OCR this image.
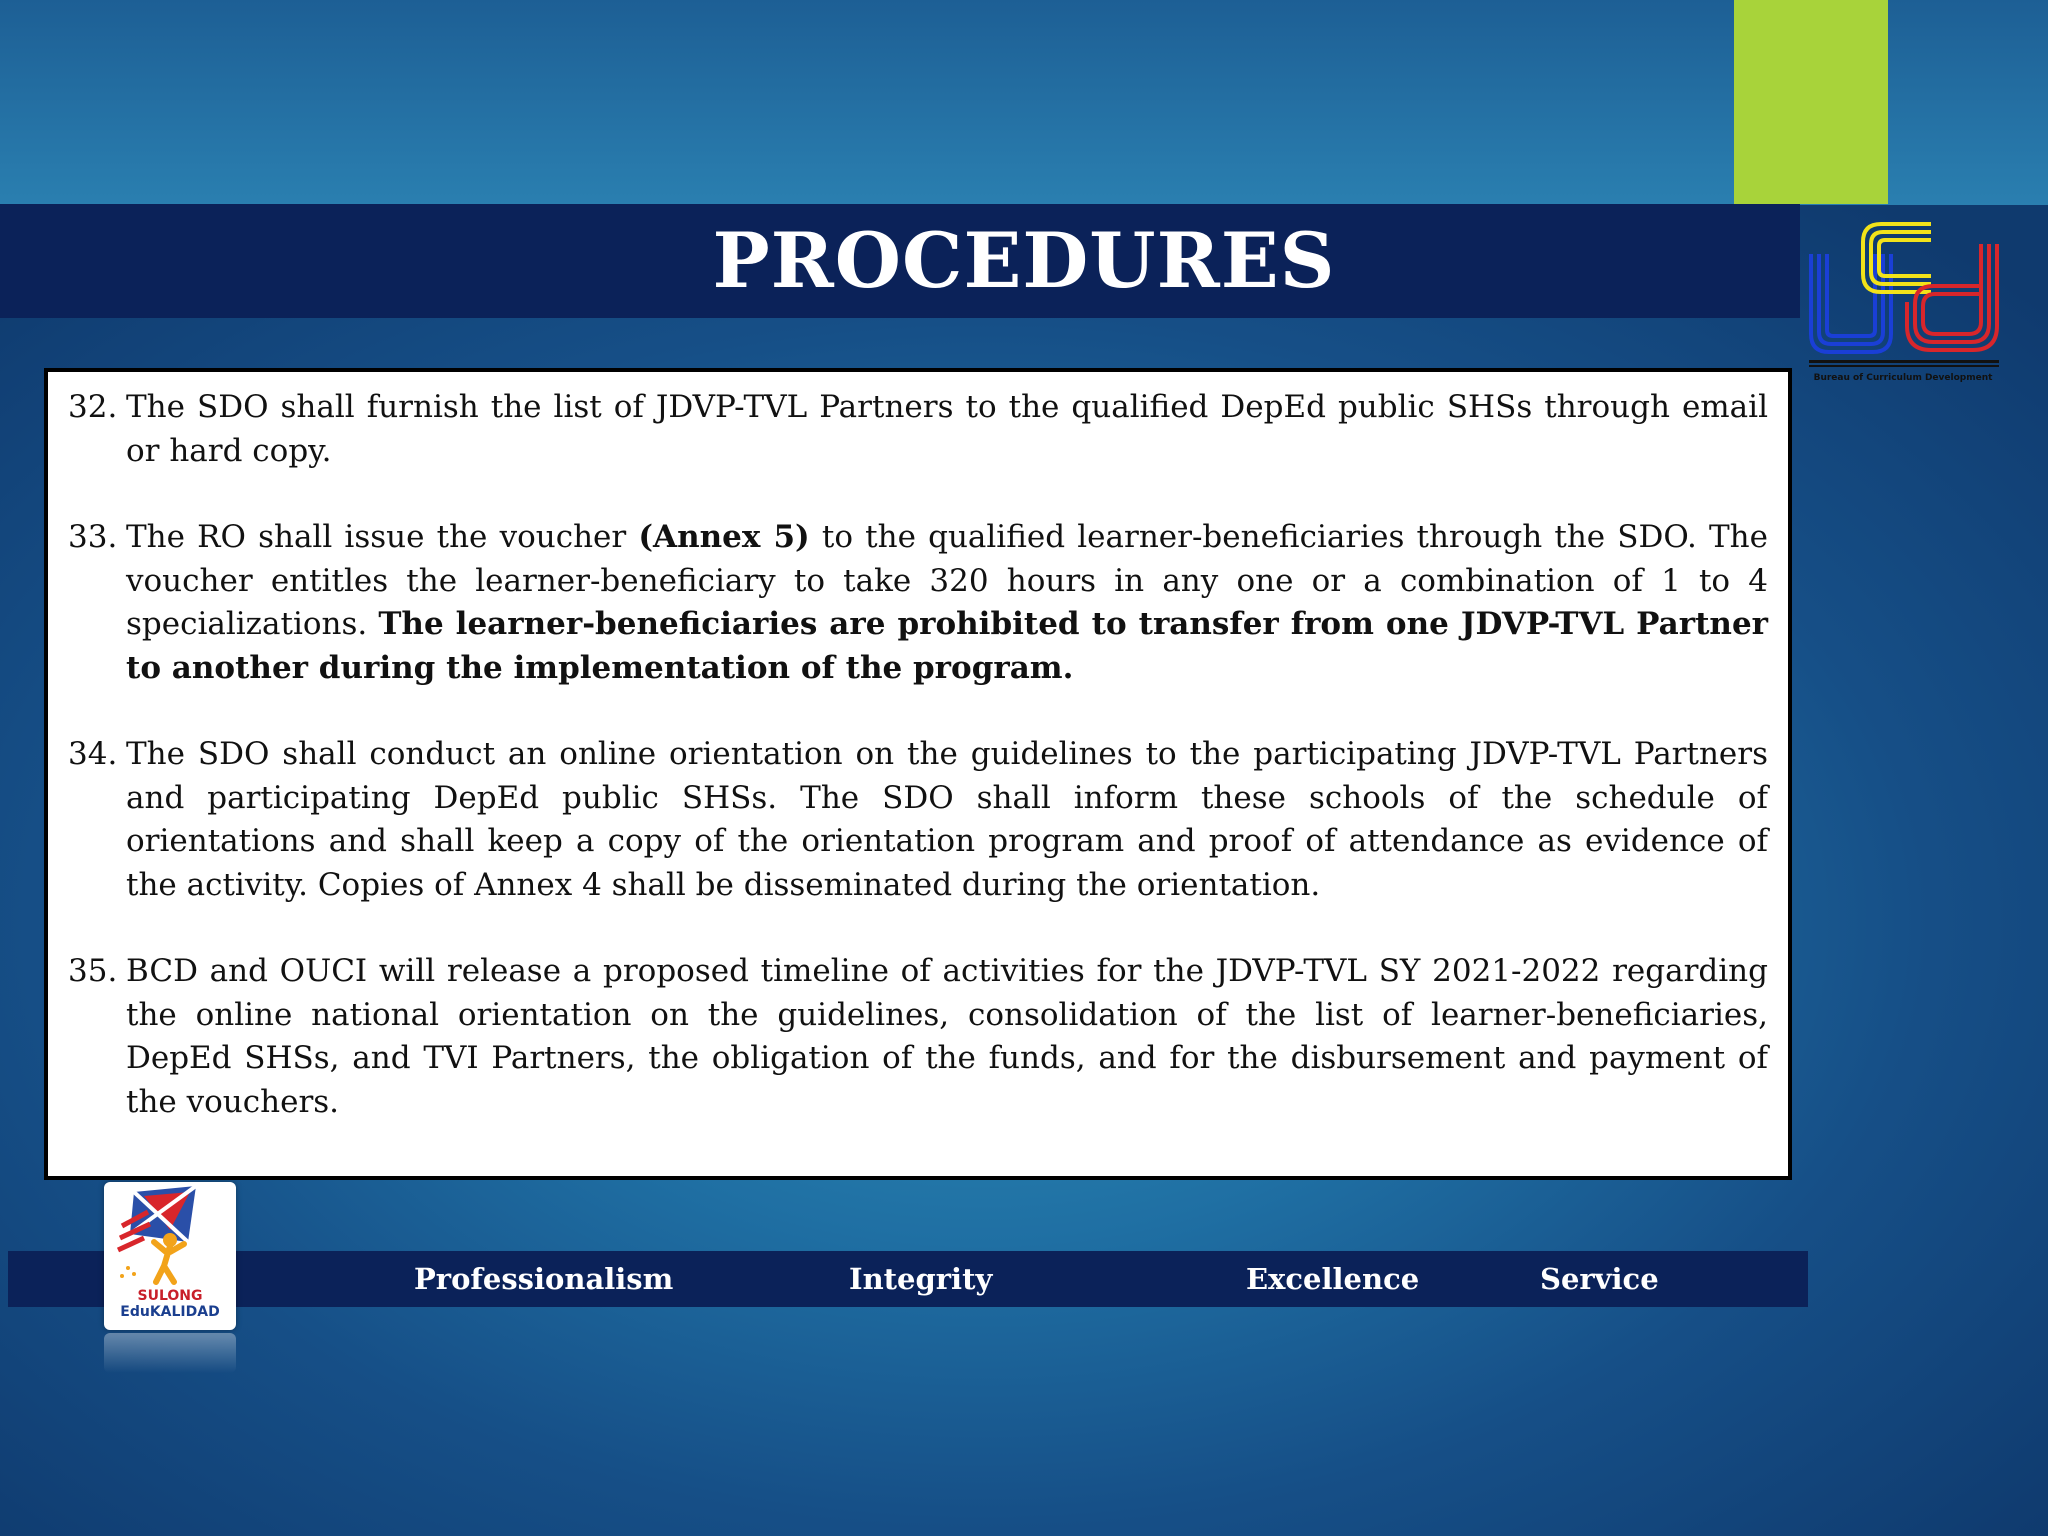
PROCEDURES
Bureau of Curriculum Development

32. The SDO shall furnish the list of JDVP-TVL Partners to the qualified DepEd public SHSs through email or hard copy.

33. The RO shall issue the voucher (Annex 5) to the qualified learner-beneficiaries through the SDO. The voucher entitles the learner-beneficiary to take 320 hours in any one or a combination of 1 to 4 specializations. The learner-beneficiaries are prohibited to transfer from one JDVP-TVL Partner to another during the implementation of the program.

34. The SDO shall conduct an online orientation on the guidelines to the participating JDVP-TVL Partners and participating DepEd public SHSs. The SDO shall inform these schools of the schedule of orientations and shall keep a copy of the orientation program and proof of attendance as evidence of the activity. Copies of Annex 4 shall be disseminated during the orientation.

35. BCD and OUCI will release a proposed timeline of activities for the JDVP-TVL SY 2021-2022 regarding the online national orientation on the guidelines, consolidation of the list of learner-beneficiaries, DepEd SHSs, and TVI Partners, the obligation of the funds, and for the disbursement and payment of the vouchers.

Professionalism	Integrity	Excellence	Service
SULONG
EduKALIDAD
